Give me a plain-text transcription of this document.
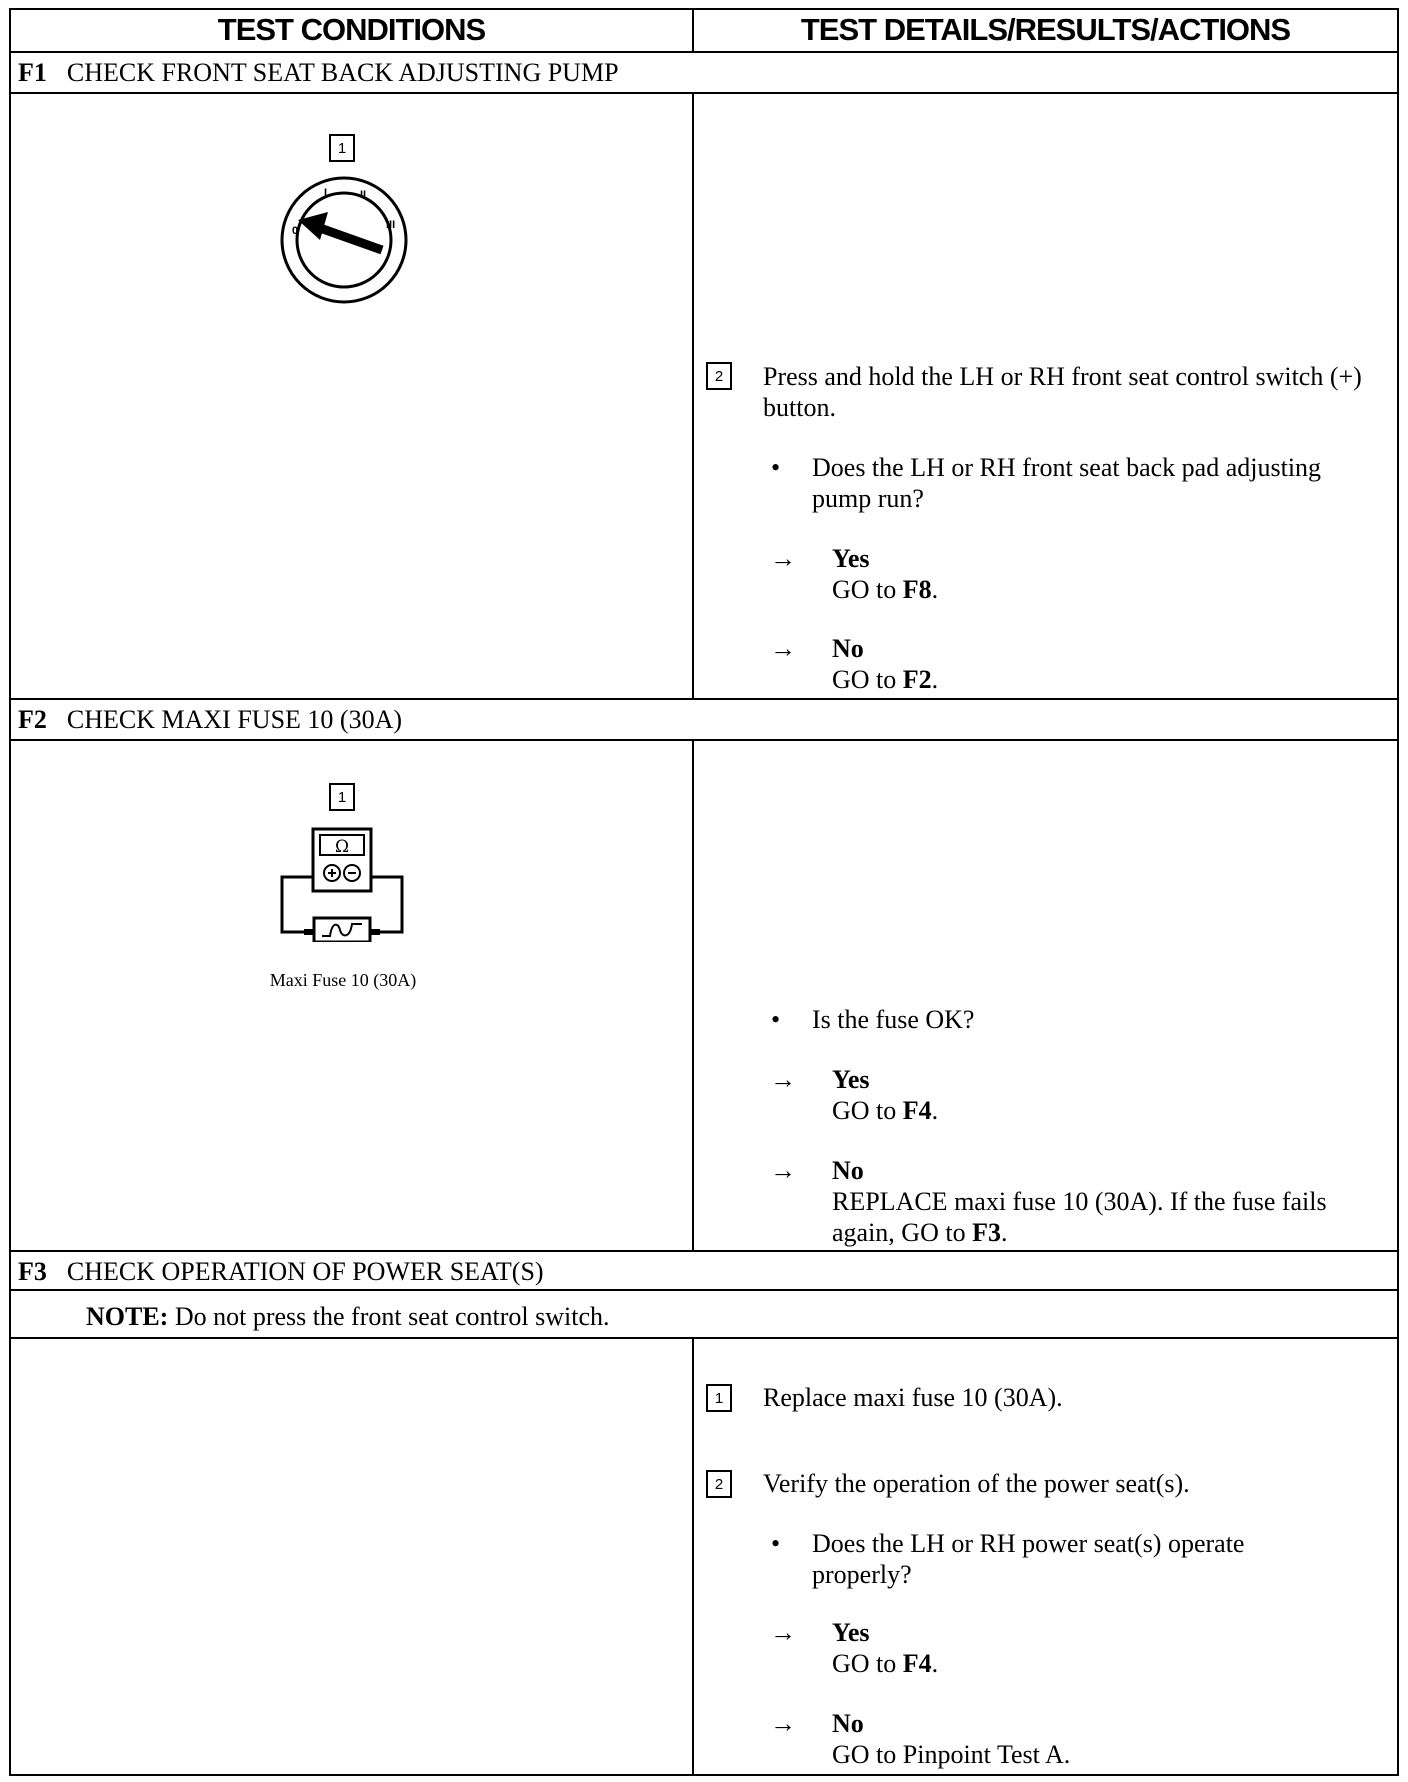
TEST CONDITIONS	TEST DETAILS/RESULTS/ACTIONS
F1 CHECK FRONT SEAT BACK ADJUSTING PUMP
1
0
I	II
III
2	Press and hold the LH or RH front seat control switch (+) button.
• Does the LH or RH front seat back pad adjusting pump run?
→ Yes
GO to F8.
→ No
GO to F2.
F2 CHECK MAXI FUSE 10 (30A)
1
Ω
Maxi Fuse 10 (30A)
• Is the fuse OK?
→ Yes
GO to F4.
→ No
REPLACE maxi fuse 10 (30A). If the fuse fails again, GO to F3.
F3 CHECK OPERATION OF POWER SEAT(S)
NOTE: Do not press the front seat control switch.
1	Replace maxi fuse 10 (30A).
2	Verify the operation of the power seat(s).
• Does the LH or RH power seat(s) operate properly?
→ Yes
GO to F4.
→ No
GO to Pinpoint Test A.
